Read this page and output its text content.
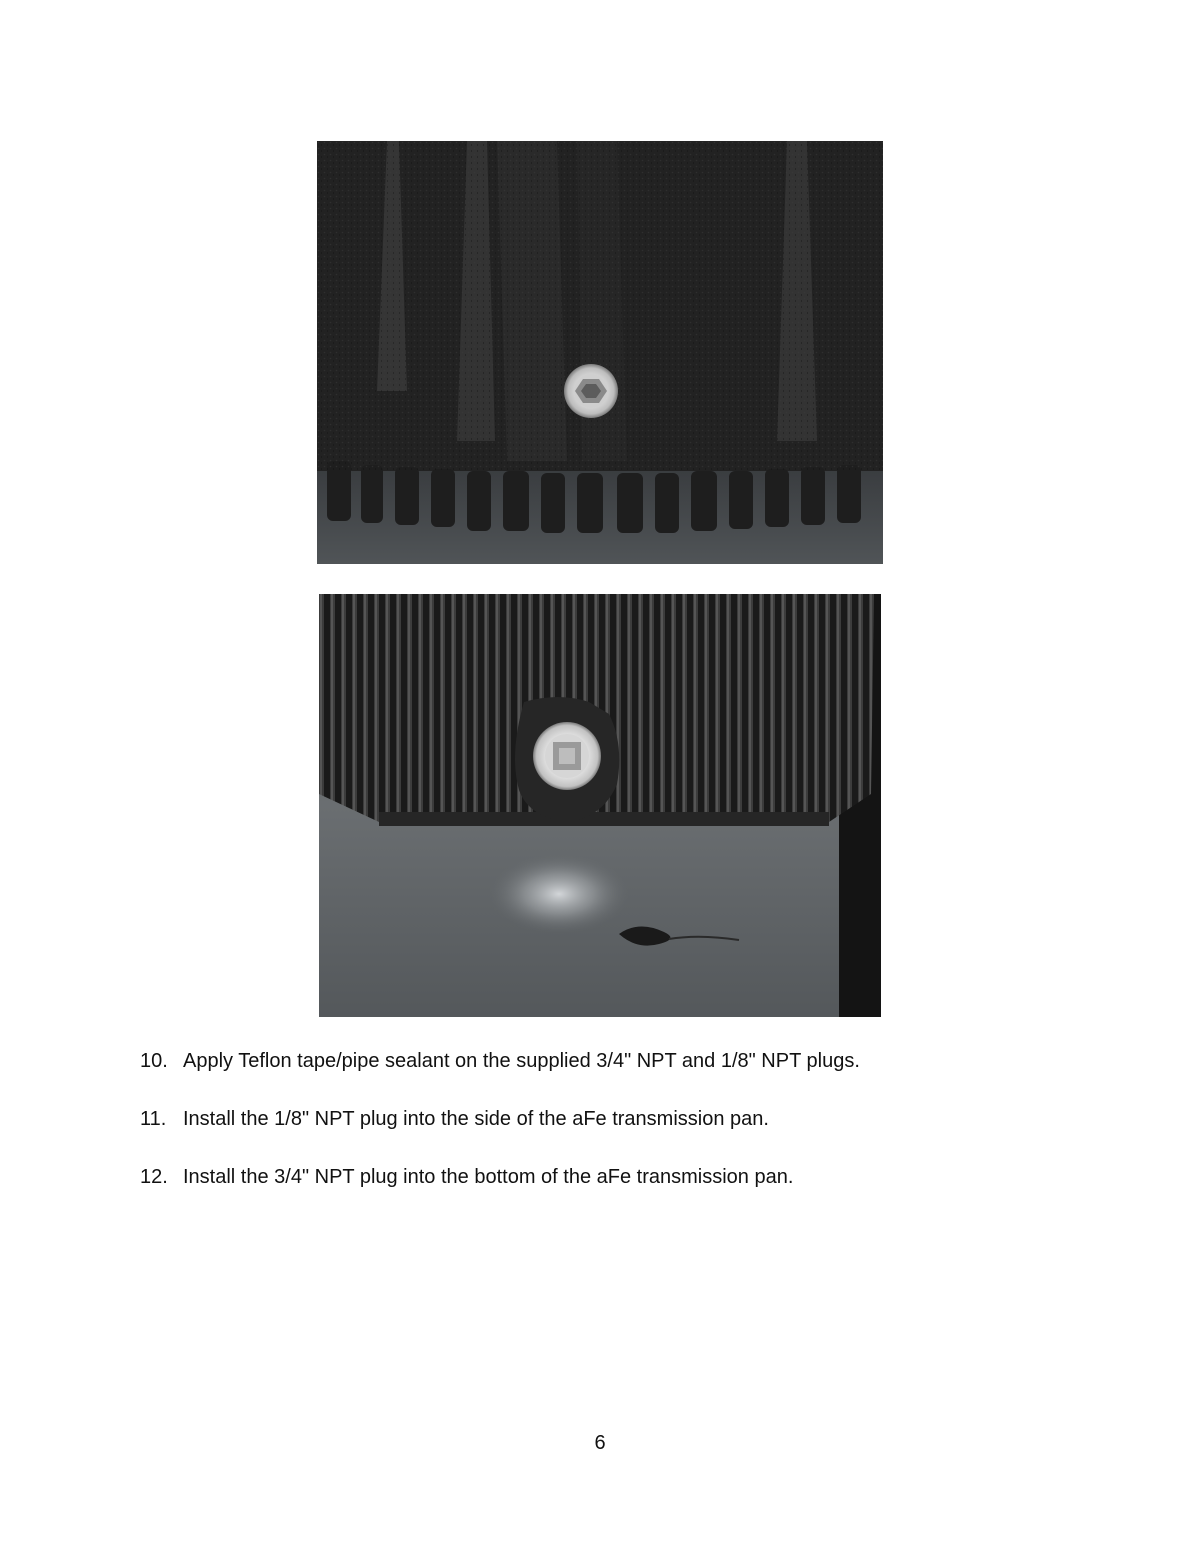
10. Apply Teflon tape/pipe sealant on the supplied 3/4" NPT and 1/8" NPT plugs.
11. Install the 1/8" NPT plug into the side of the aFe transmission pan.
12. Install the 3/4" NPT plug into the bottom of the aFe transmission pan.
6
